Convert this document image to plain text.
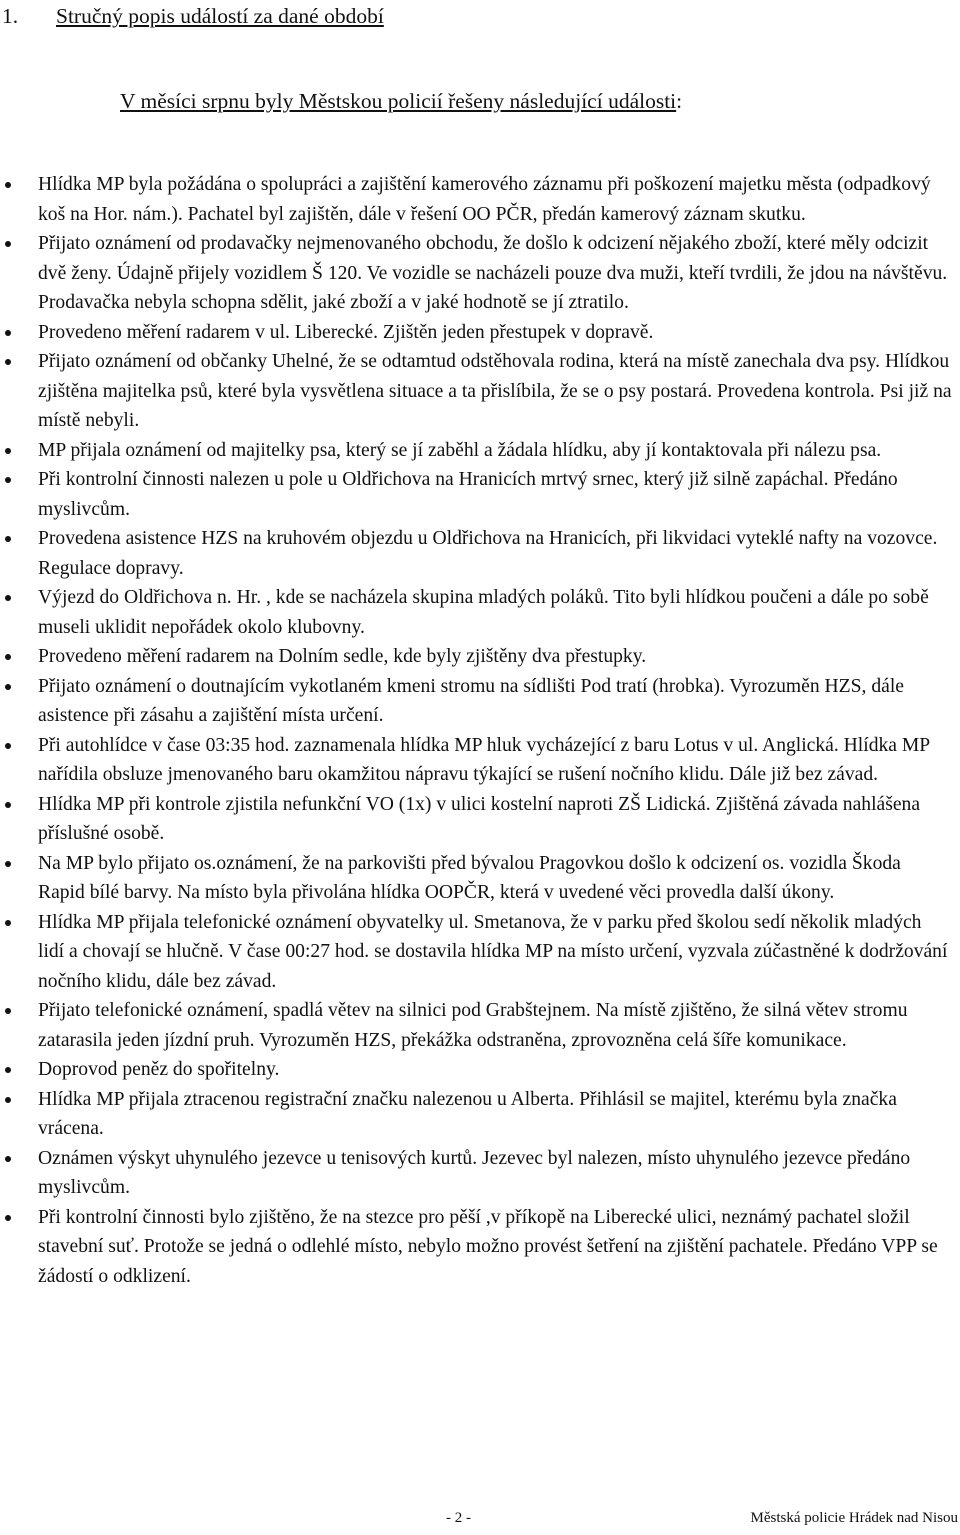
1. Stručný popis událostí za dané období
V měsíci srpnu byly Městskou policií řešeny následující události:
Hlídka MP byla požádána o spolupráci a zajištění kamerového záznamu při poškození majetku města (odpadkový koš na Hor. nám.). Pachatel byl zajištěn, dále v řešení OO PČR, předán kamerový záznam skutku.
Přijato oznámení od prodavačky nejmenovaného obchodu, že došlo k odcizení nějakého zboží, které měly odcizit dvě ženy. Údajně přijely vozidlem Š 120. Ve vozidle se nacházeli pouze dva muži, kteří tvrdili, že jdou na návštěvu. Prodavačka nebyla schopna sdělit, jaké zboží a v jaké hodnotě se jí ztratilo.
Provedeno měření radarem v ul. Liberecké. Zjištěn jeden přestupek v dopravě.
Přijato oznámení od občanky Uhelné, že se odtamtud odstěhovala rodina, která na místě zanechala dva psy. Hlídkou zjištěna majitelka psů, které byla vysvětlena situace a ta přislíbila, že se o psy postará. Provedena kontrola. Psi již na místě nebyli.
MP přijala oznámení od majitelky psa, který se jí zaběhl a žádala hlídku, aby jí kontaktovala při nálezu psa.
Při kontrolní činnosti nalezen u pole u Oldřichova na Hranicích mrtvý srnec, který již silně zapáchal. Předáno myslivcům.
Provedena asistence HZS na kruhovém objezdu u Oldřichova na Hranicích, při likvidaci vyteklé nafty na vozovce. Regulace dopravy.
Výjezd do Oldřichova n. Hr. , kde se nacházela skupina mladých poláků. Tito byli hlídkou poučeni a dále po sobě museli uklidit nepořádek okolo klubovny.
Provedeno měření radarem na Dolním sedle, kde byly zjištěny dva přestupky.
Přijato oznámení o doutnajícím vykotlaném kmeni stromu na sídlišti Pod tratí (hrobka). Vyrozuměn HZS, dále asistence při zásahu a zajištění místa určení.
Při autohlídce v čase 03:35 hod. zaznamenala hlídka MP hluk vycházející z baru Lotus v ul. Anglická. Hlídka MP nařídila obsluze jmenovaného baru okamžitou nápravu týkající se rušení nočního klidu. Dále již bez závad.
Hlídka MP při kontrole zjistila nefunkční VO (1x) v ulici kostelní naproti ZŠ Lidická. Zjištěná závada nahlášena příslušné osobě.
Na MP bylo přijato os.oznámení, že na parkovišti před bývalou Pragovkou došlo k odcizení os. vozidla Škoda Rapid bílé barvy. Na místo byla přivolána hlídka OOPČR, která v uvedené věci provedla další úkony.
Hlídka MP přijala telefonické oznámení obyvatelky ul. Smetanova, že v parku před školou sedí několik mladých lidí a chovají se hlučně. V čase 00:27 hod. se dostavila hlídka MP na místo určení, vyzvala zúčastněné k dodržování nočního klidu, dále bez závad.
Přijato telefonické oznámení, spadlá větev na silnici pod Grabštejnem. Na místě zjištěno, že silná větev stromu zatarasila jeden jízdní pruh. Vyrozuměn HZS, překážka odstraněna, zprovozněna celá šíře komunikace.
Doprovod peněz do spořitelny.
Hlídka MP přijala ztracenou registrační značku nalezenou u Alberta. Přihlásil se majitel, kterému byla značka vrácena.
Oznámen výskyt uhynulého jezevce u tenisových kurtů. Jezevec byl nalezen, místo uhynulého jezevce předáno myslivcům.
Při kontrolní činnosti bylo zjištěno, že na stezce pro pěší ,v příkopě na Liberecké ulici, neznámý pachatel složil stavební suť. Protože se jedná o odlehlé místo, nebylo možno provést šetření na zjištění pachatele. Předáno VPP se žádostí o odklizení.
- 2 -	Městská policie Hrádek nad Nisou
